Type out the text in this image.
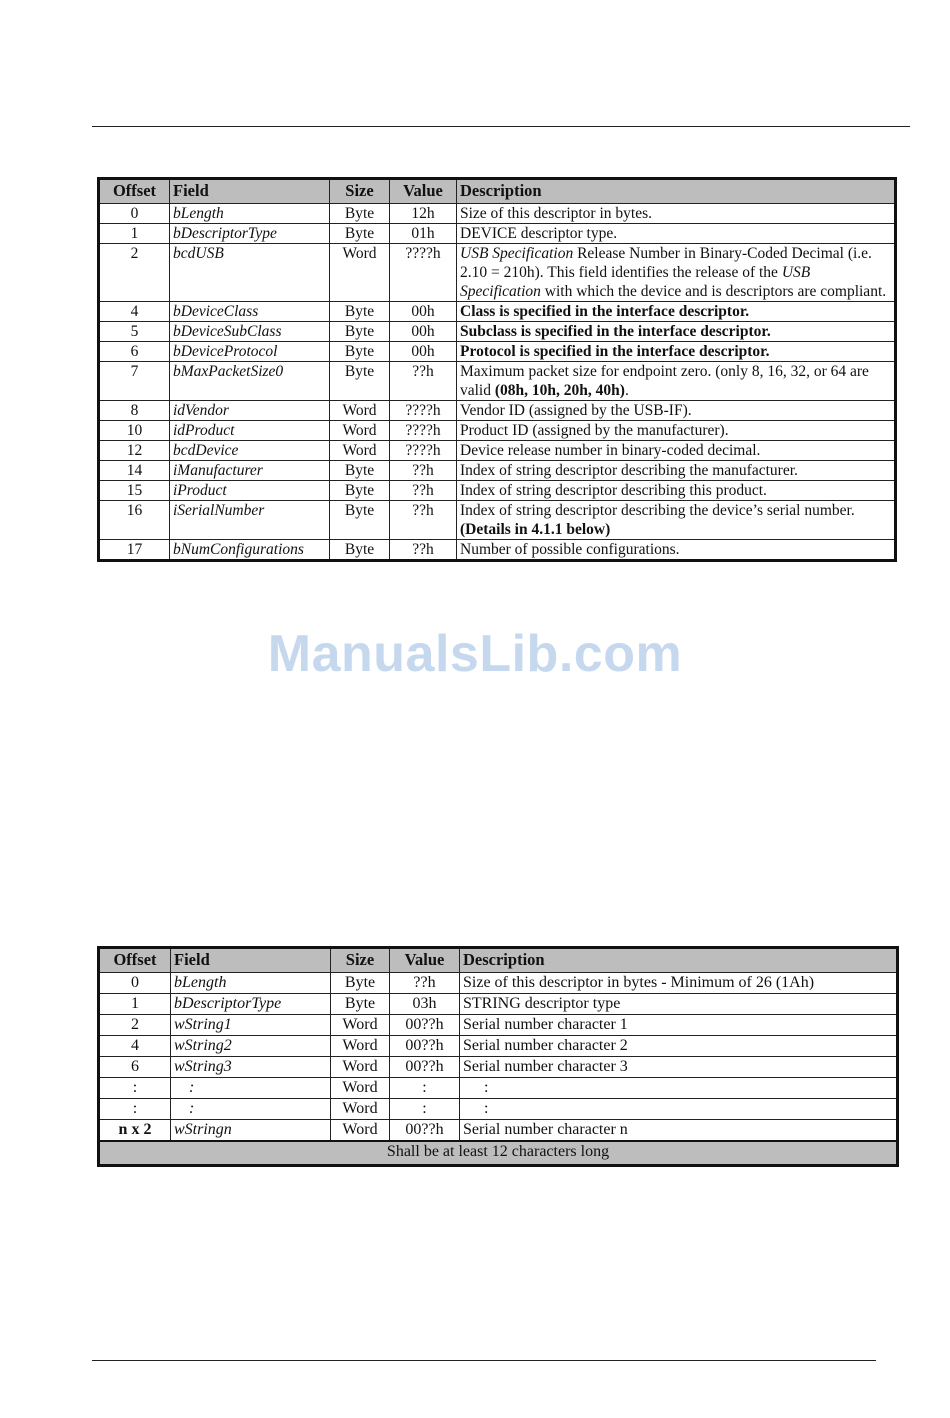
Offset	Field	Size	Value	Description
0	bLength	Byte	12h	Size of this descriptor in bytes.
1	bDescriptorType	Byte	01h	DEVICE descriptor type.
2	bcdUSB	Word	????h	USB Specification Release Number in Binary-Coded Decimal (i.e. 2.10 = 210h). This field identifies the release of the USB Specification with which the device and is descriptors are compliant.
4	bDeviceClass	Byte	00h	Class is specified in the interface descriptor.
5	bDeviceSubClass	Byte	00h	Subclass is specified in the interface descriptor.
6	bDeviceProtocol	Byte	00h	Protocol is specified in the interface descriptor.
7	bMaxPacketSize0	Byte	??h	Maximum packet size for endpoint zero. (only 8, 16, 32, or 64 are valid (08h, 10h, 20h, 40h).
8	idVendor	Word	????h	Vendor ID (assigned by the USB-IF).
10	idProduct	Word	????h	Product ID (assigned by the manufacturer).
12	bcdDevice	Word	????h	Device release number in binary-coded decimal.
14	iManufacturer	Byte	??h	Index of string descriptor describing the manufacturer.
15	iProduct	Byte	??h	Index of string descriptor describing this product.
16	iSerialNumber	Byte	??h	Index of string descriptor describing the device’s serial number. (Details in 4.1.1 below)
17	bNumConfigurations	Byte	??h	Number of possible configurations.
ManualsLib.com
Offset	Field	Size	Value	Description
0	bLength	Byte	??h	Size of this descriptor in bytes - Minimum of 26 (1Ah)
1	bDescriptorType	Byte	03h	STRING descriptor type
2	wString1	Word	00??h	Serial number character 1
4	wString2	Word	00??h	Serial number character 2
6	wString3	Word	00??h	Serial number character 3
:	:	Word	:	:
:	:	Word	:	:
n x 2	wStringn	Word	00??h	Serial number character n
Shall be at least 12 characters long				
